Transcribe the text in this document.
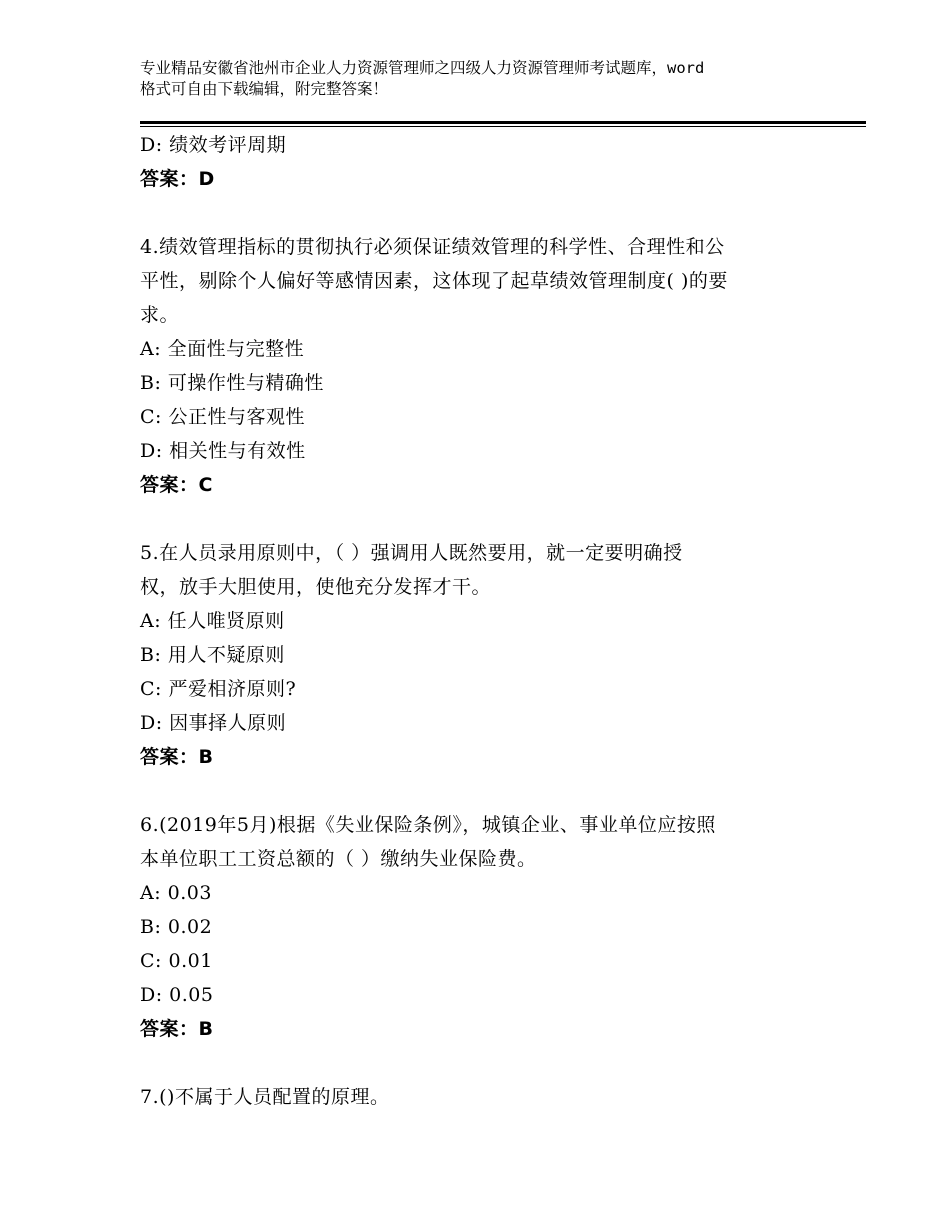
专业精品安徽省池州市企业人力资源管理师之四级人力资源管理师考试题库，word
格式可自由下载编辑，附完整答案！
D: 绩效考评周期
答案：D
4.绩效管理指标的贯彻执行必须保证绩效管理的科学性、合理性和公
平性，剔除个人偏好等感情因素，这体现了起草绩效管理制度( )的要
求。
A: 全面性与完整性
B: 可操作性与精确性
C: 公正性与客观性
D: 相关性与有效性
答案：C
5.在人员录用原则中，（ ）强调用人既然要用，就一定要明确授
权，放手大胆使用，使他充分发挥才干。
A: 任人唯贤原则
B: 用人不疑原则
C: 严爱相济原则?
D: 因事择人原则
答案：B
6.(2019年5月)根据《失业保险条例》，城镇企业、事业单位应按照
本单位职工工资总额的（ ）缴纳失业保险费。
A: 0.03
B: 0.02
C: 0.01
D: 0.05
答案：B
7.()不属于人员配置的原理。
